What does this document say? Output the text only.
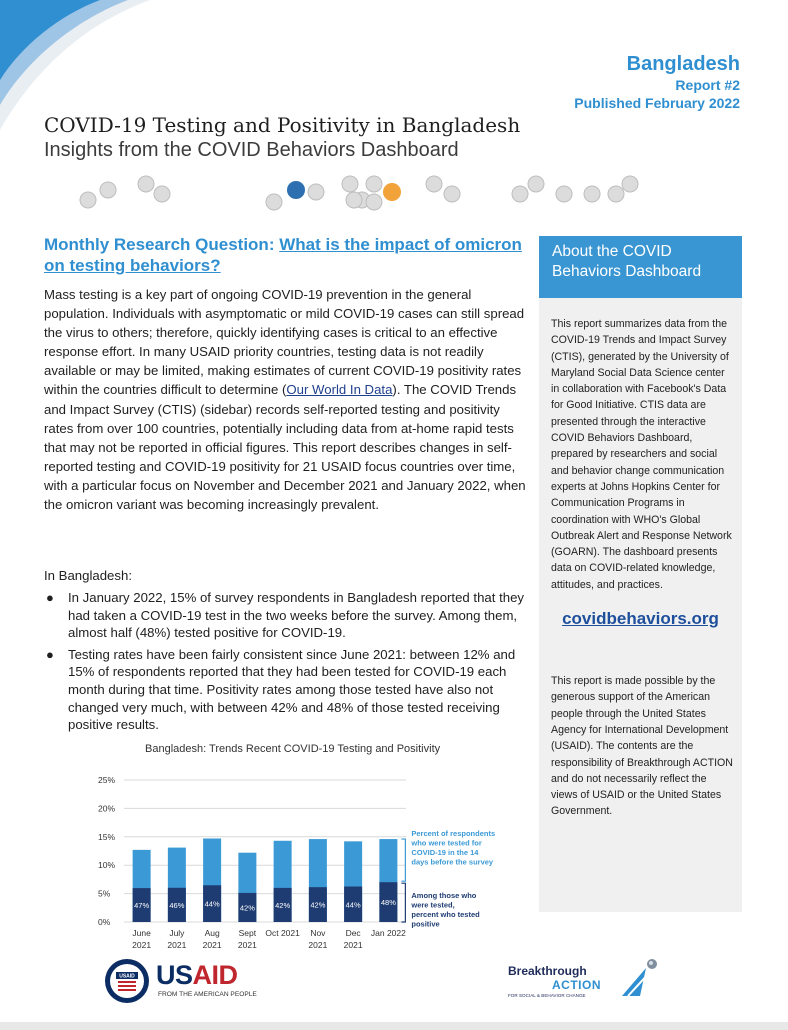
Bangladesh
Report #2
Published February 2022
COVID-19 Testing and Positivity in Bangladesh
Insights from the COVID Behaviors Dashboard
Monthly Research Question: What is the impact of omicron on testing behaviors?
Mass testing is a key part of ongoing COVID-19 prevention in the general population. Individuals with asymptomatic or mild COVID-19 cases can still spread the virus to others; therefore, quickly identifying cases is critical to an effective response effort. In many USAID priority countries, testing data is not readily available or may be limited, making estimates of current COVID-19 positivity rates within the countries difficult to determine (Our World In Data). The COVID Trends and Impact Survey (CTIS) (sidebar) records self-reported testing and positivity rates from over 100 countries, potentially including data from at-home rapid tests that may not be reported in official figures. This report describes changes in self-reported testing and COVID-19 positivity for 21 USAID focus countries over time, with a particular focus on November and December 2021 and January 2022, when the omicron variant was becoming increasingly prevalent.
In Bangladesh:
● In January 2022, 15% of survey respondents in Bangladesh reported that they had taken a COVID-19 test in the two weeks before the survey. Among them, almost half (48%) tested positive for COVID-19.
● Testing rates have been fairly consistent since June 2021: between 12% and 15% of respondents reported that they had been tested for COVID-19 each month during that time. Positivity rates among those tested have also not changed very much, with between 42% and 48% of those tested receiving positive results.
Bangladesh: Trends Recent COVID-19 Testing and Positivity
0%
5%
10%
15%
20%
25%
47%
June
2021
46%
July
2021
44%
Aug
2021
42%
Sept
2021
42%
Oct 2021
42%
Nov
2021
44%
Dec
2021
48%
Jan 2022
Percent of respondents
who were tested for
COVID-19 in the 14
days before the survey
Among those who
were tested,
percent who tested
positive
About the COVID Behaviors Dashboard
This report summarizes data from the COVID-19 Trends and Impact Survey (CTIS), generated by the University of Maryland Social Data Science center in collaboration with Facebook's Data for Good Initiative. CTIS data are presented through the interactive COVID Behaviors Dashboard, prepared by researchers and social and behavior change communication experts at Johns Hopkins Center for Communication Programs in coordination with WHO's Global Outbreak Alert and Response Network (GOARN). The dashboard presents data on COVID-related knowledge, attitudes, and practices.
covidbehaviors.org
This report is made possible by the generous support of the American people through the United States Agency for International Development (USAID). The contents are the responsibility of Breakthrough ACTION and do not necessarily reflect the views of USAID or the United States Government.
USAID USAID
FROM THE AMERICAN PEOPLE
Breakthrough
ACTION
FOR SOCIAL & BEHAVIOR CHANGE
